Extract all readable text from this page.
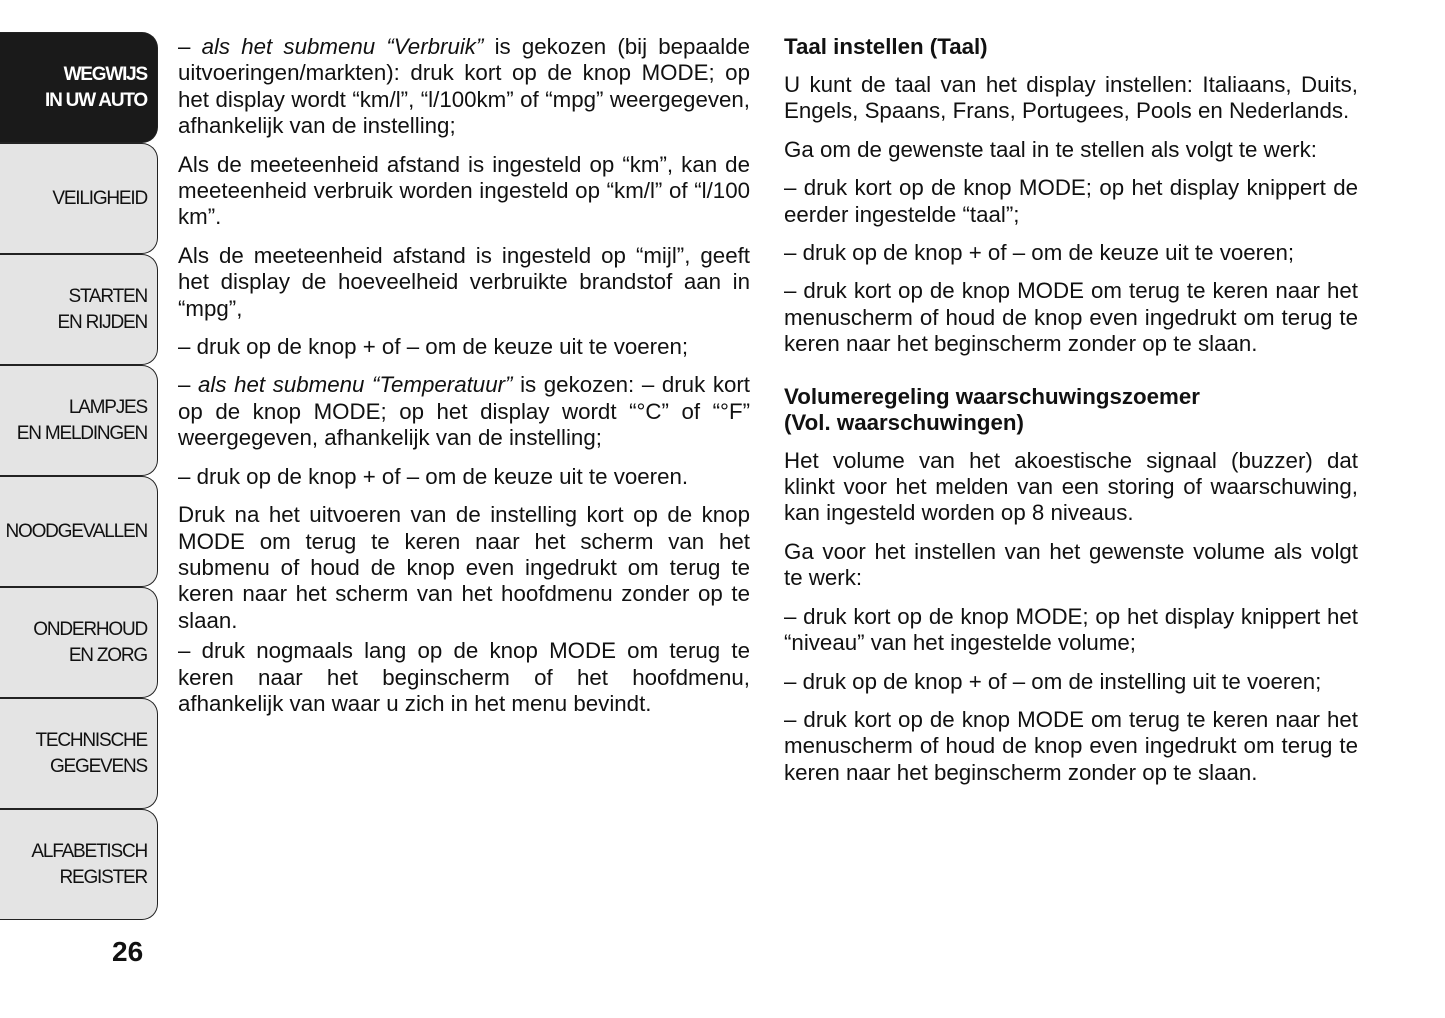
WEGWIJS
IN UW AUTO
VEILIGHEID
STARTEN
EN RIJDEN
LAMPJES
EN MELDINGEN
NOODGEVALLEN
ONDERHOUD
EN ZORG
TECHNISCHE
GEGEVENS
ALFABETISCH
REGISTER
26

– als het submenu “Verbruik” is gekozen (bij bepaalde uitvoeringen/markten): druk kort op de knop MODE; op het display wordt “km/l”, “l/100km” of “mpg” weergegeven, afhankelijk van de instelling;

Als de meeteenheid afstand is ingesteld op “km”, kan de meeteenheid verbruik worden ingesteld op “km/l” of “l/100 km”.

Als de meeteenheid afstand is ingesteld op “mijl”, geeft het display de hoeveelheid verbruikte brandstof aan in “mpg”,

– druk op de knop + of – om de keuze uit te voeren;

– als het submenu “Temperatuur” is gekozen: – druk kort op de knop MODE; op het display wordt “°C” of “°F” weergegeven, afhankelijk van de instelling;

– druk op de knop + of – om de keuze uit te voeren.

Druk na het uitvoeren van de instelling kort op de knop MODE om terug te keren naar het scherm van het submenu of houd de knop even ingedrukt om terug te keren naar het scherm van het hoofdmenu zonder op te slaan.

– druk nogmaals lang op de knop MODE om terug te keren naar het beginscherm of het hoofdmenu, afhankelijk van waar u zich in het menu bevindt.

Taal instellen (Taal)

U kunt de taal van het display instellen: Italiaans, Duits, Engels, Spaans, Frans, Portugees, Pools en Nederlands.

Ga om de gewenste taal in te stellen als volgt te werk:

– druk kort op de knop MODE; op het display knippert de eerder ingestelde “taal”;

– druk op de knop + of – om de keuze uit te voeren;

– druk kort op de knop MODE om terug te keren naar het menuscherm of houd de knop even ingedrukt om terug te keren naar het beginscherm zonder op te slaan.

Volumeregeling waarschuwingszoemer
(Vol. waarschuwingen)

Het volume van het akoestische signaal (buzzer) dat klinkt voor het melden van een storing of waarschuwing, kan ingesteld worden op 8 niveaus.

Ga voor het instellen van het gewenste volume als volgt te werk:

– druk kort op de knop MODE; op het display knippert het “niveau” van het ingestelde volume;

– druk op de knop + of – om de instelling uit te voeren;

– druk kort op de knop MODE om terug te keren naar het menuscherm of houd de knop even ingedrukt om terug te keren naar het beginscherm zonder op te slaan.
